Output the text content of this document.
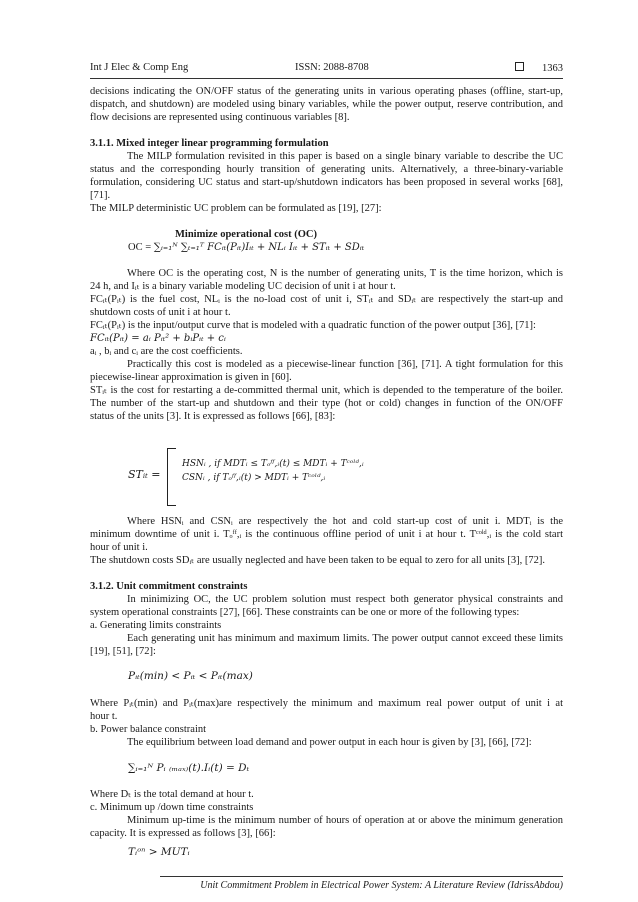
Int J Elec & Comp Eng	ISSN: 2088-8708	1363

decisions indicating the ON/OFF status of the generating units in various operating phases (offline, start-up, dispatch, and shutdown) are modeled using binary variables, while the power output, reserve contribution, and flow decisions are represented using continuous variables [8].

3.1.1. Mixed integer linear programming formulation

The MILP formulation revisited in this paper is based on a single binary variable to describe the UC status and the corresponding hourly transition of generating units. Alternatively, a three-binary-variable formulation, considering UC status and start-up/shutdown indicators has been proposed in several works [68], [71].

The MILP deterministic UC problem can be formulated as [19], [27]:

Minimize operational cost (OC)
OC = ∑ᵢ₌₁ᴺ ∑ₜ₌₁ᵀ FCᵢₜ(Pᵢₜ)Iᵢₜ + NLᵢ Iᵢₜ + STᵢₜ + SDᵢₜ

Where OC is the operating cost, N is the number of generating units, T is the time horizon, which is

24 h, and Iᵢₜ is a binary variable modeling UC decision of unit i at hour t.

FCᵢₜ(Pᵢₜ) is the fuel cost, NLᵢ is the no-load cost of unit i, STᵢₜ and SDᵢₜ are respectively the start-up and

shutdown costs of unit i at hour t.

FCᵢₜ(Pᵢₜ) is the input/output curve that is modeled with a quadratic function of the power output [36], [71]:

FCᵢₜ(Pᵢₜ) = aᵢ Pᵢₜ² + bᵢPᵢₜ + cᵢ

aᵢ , bᵢ and cᵢ are the cost coefficients.

Practically this cost is modeled as a piecewise-linear function [36], [71]. A tight formulation for this

piecewise-linear approximation is given in [60].

STᵢₜ is the cost for restarting a de-committed thermal unit, which is depended to the temperature of the boiler.

The number of the start-up and shutdown and their type (hot or cold) changes in function of the ON/OFF

status of the units [3]. It is expressed as follows [66], [83]:

STᵢₜ =
HSNᵢ , if MDTᵢ ≤ Tₒᶠᶠ,ᵢ(t) ≤ MDTᵢ + Tᶜᵒˡᵈ,ᵢ
CSNᵢ , if Tₒᶠᶠ,ᵢ(t) > MDTᵢ + Tᶜᵒˡᵈ,ᵢ

Where HSNᵢ and CSNᵢ are respectively the hot and cold start-up cost of unit i. MDTᵢ is the

minimum downtime of unit i. Tₒᶠᶠ,ᵢ is the continuous offline period of unit i at hour t. Tᶜᵒˡᵈ,ᵢ is the cold start

hour of unit i.

The shutdown costs SDᵢₜ are usually neglected and have been taken to be equal to zero for all units [3], [72].

3.1.2. Unit commitment constraints

In minimizing OC, the UC problem solution must respect both generator physical constraints and system operational constraints [27], [66]. These constraints can be one or more of the following types:

a. Generating limits constraints

Each generating unit has minimum and maximum limits. The power output cannot exceed these limits [19], [51], [72]:

Pᵢₜ(min) < Pᵢₜ < Pᵢₜ(max)

Where Pᵢₜ(min) and Pᵢₜ(max)are respectively the minimum and maximum real power output of unit i at

hour t.

b. Power balance constraint

The equilibrium between load demand and power output in each hour is given by [3], [66], [72]:

∑ᵢ₌₁ᴺ Pᵢ ₍ₘₐₓ₎(t).Iᵢ(t) = Dₜ

Where Dₜ is the total demand at hour t.

c. Minimum up /down time constraints

Minimum up-time is the minimum number of hours of operation at or above the minimum generation capacity. It is expressed as follows [3], [66]:

Tᵢᵒⁿ > MUTᵢ
Unit Commitment Problem in Electrical Power System: A Literature Review (IdrissAbdou)
